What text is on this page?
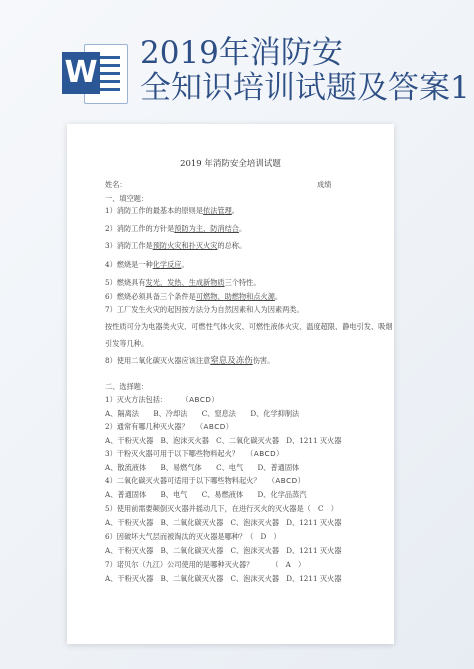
W
2019年消防安
全知识培训试题及答案1
2019 年消防安全培训试题
姓名：	成绩
一、填空题：
1）消防工作的最基本的原则是依法管理。
2）消防工作的方针是预防为主、防消结合。
3）消防工作是预防火灾和扑灭火灾的总称。
4）燃烧是一种化学反应。
5）燃烧具有发光、发热、生成新物质三个特性。
6）燃烧必须具备三个条件是可燃物、助燃物和点火源。
7）工厂发生火灾的起因按方法分为自然因素和人为因素两类。
按性质可分为电器类火灾、可燃性气体火灾、可燃性液体火灾、温度超限、静电引发、吸烟
引发等几种。
8）使用二氧化碳灭火器应该注意窒息及冻伤伤害。
二、选择题：
1）灭火方法包括：   （ABCD）
A、隔离法　　B、冷却法　　C、窒息法　　D、化学抑制法
2）通常有哪几种灭火器？  （ABCD）
A、干粉灭火器　B、泡沫灭火器　C、二氧化碳灭火器　D、1211 灭火器
3）干粉灭火器可用于以下哪些物料起火？  （ABCD）
A、散流液体　　B、易燃气体　　C、电气　　D、普通固体
4）二氧化碳灭火器可适用于以下哪些物料起火？  （ABCD）
A、普通固体　　B、电气　　C、易燃液体　　D、化学品蒸汽
5）使用前需要颠倒灭火器并摇动几下，在进行灭火的灭火器是（　C　）
A、干粉灭火器　B、二氧化碳灭火器　C、泡沫灭火器　D、1211 灭火器
6）因破坏大气层而被淘汰的灭火器是哪种？（　D　）
A、干粉灭火器　B、二氧化碳灭火器　C、泡沫灭火器　D、1211 灭火器
7）诺贝尔（九江）公司使用的是哪种灭火器？　　　（　A　）
A、干粉灭火器　B、二氧化碳灭火器　C、泡沫灭火器　D、1211 灭火器
